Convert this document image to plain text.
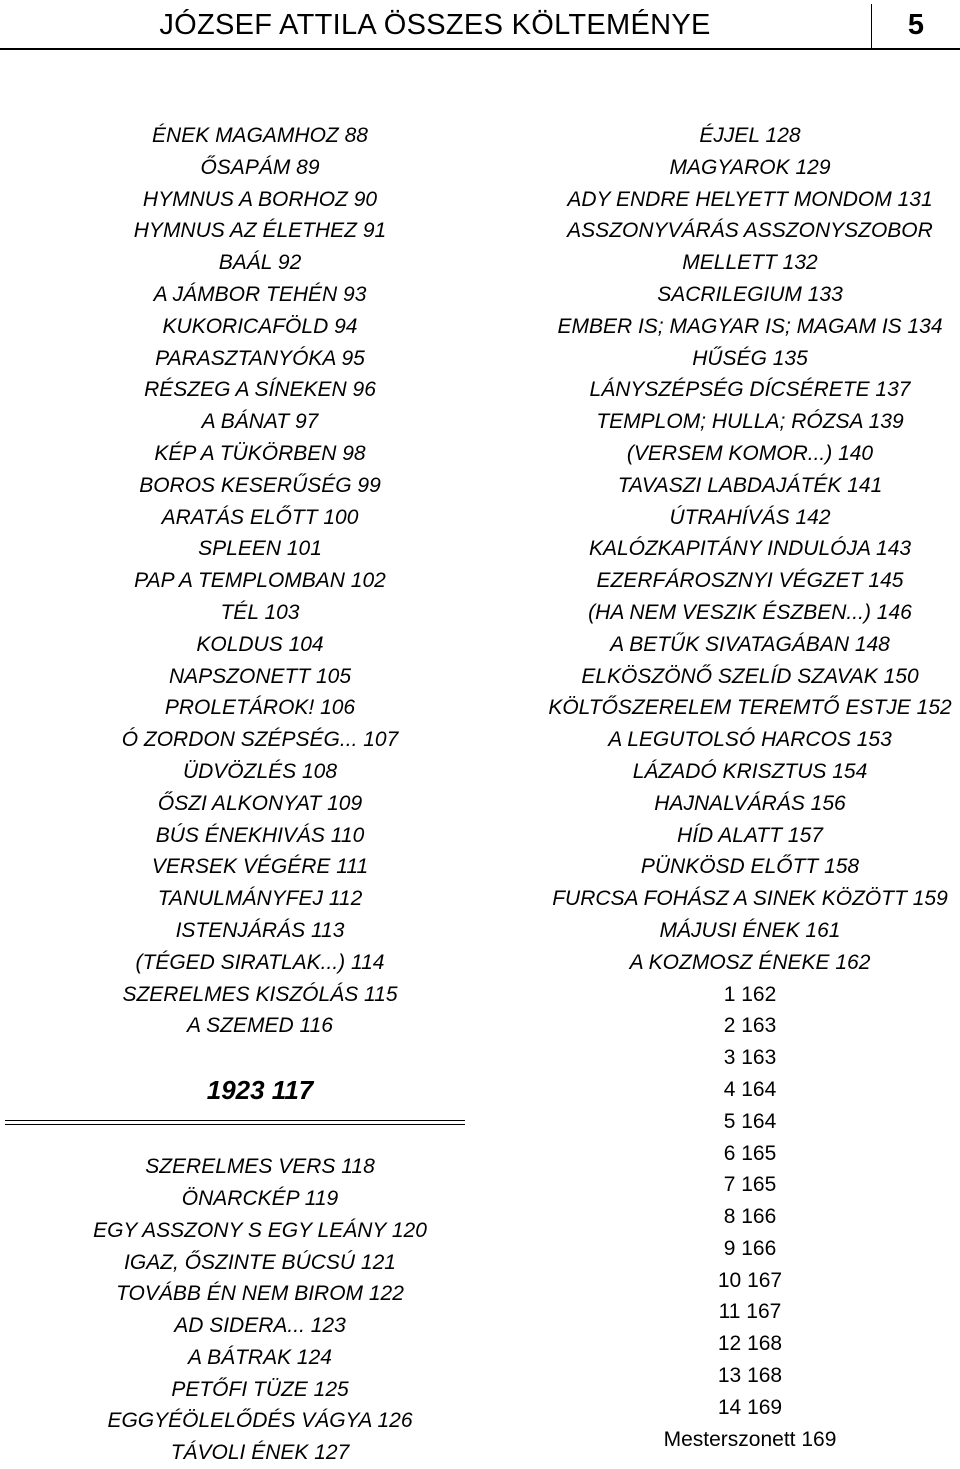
JÓZSEF ATTILA ÖSSZES KÖLTEMÉNYE	5
ÉNEK MAGAMHOZ 88
ŐSAPÁM 89
HYMNUS A BORHOZ 90
HYMNUS AZ ÉLETHEZ 91
BAÁL 92
A JÁMBOR TEHÉN 93
KUKORICAFÖLD 94
PARASZTANYÓKA 95
RÉSZEG A SÍNEKEN 96
A BÁNAT 97
KÉP A TÜKÖRBEN 98
BOROS KESERŰSÉG 99
ARATÁS ELŐTT 100
SPLEEN 101
PAP A TEMPLOMBAN 102
TÉL 103
KOLDUS 104
NAPSZONETT 105
PROLETÁROK! 106
Ó ZORDON SZÉPSÉG... 107
ÜDVÖZLÉS 108
ŐSZI ALKONYAT 109
BÚS ÉNEKHIVÁS 110
VERSEK VÉGÉRE 111
TANULMÁNYFEJ 112
ISTENJÁRÁS 113
(TÉGED SIRATLAK...) 114
SZERELMES KISZÓLÁS 115
A SZEMED 116
1923 117
SZERELMES VERS 118
ÖNARCKÉP 119
EGY ASSZONY S EGY LEÁNY 120
IGAZ, ŐSZINTE BÚCSÚ 121
TOVÁBB ÉN NEM BIROM 122
AD SIDERA... 123
A BÁTRAK 124
PETŐFI TÜZE 125
EGGYÉÖLELŐDÉS VÁGYA 126
TÁVOLI ÉNEK 127
ÉJJEL 128
MAGYAROK 129
ADY ENDRE HELYETT MONDOM 131
ASSZONYVÁRÁS ASSZONYSZOBOR
MELLETT 132
SACRILEGIUM 133
EMBER IS; MAGYAR IS; MAGAM IS 134
HŰSÉG 135
LÁNYSZÉPSÉG DÍCSÉRETE 137
TEMPLOM; HULLA; RÓZSA 139
(VERSEM KOMOR...) 140
TAVASZI LABDAJÁTÉK 141
ÚTRAHÍVÁS 142
KALÓZKAPITÁNY INDULÓJA 143
EZERFÁROSZNYI VÉGZET 145
(HA NEM VESZIK ÉSZBEN...) 146
A BETŰK SIVATAGÁBAN 148
ELKÖSZÖNŐ SZELÍD SZAVAK 150
KÖLTŐSZERELEM TEREMTŐ ESTJE 152
A LEGUTOLSÓ HARCOS 153
LÁZADÓ KRISZTUS 154
HAJNALVÁRÁS 156
HÍD ALATT 157
PÜNKÖSD ELŐTT 158
FURCSA FOHÁSZ A SINEK KÖZÖTT 159
MÁJUSI ÉNEK 161
A KOZMOSZ ÉNEKE 162
1 162
2 163
3 163
4 164
5 164
6 165
7 165
8 166
9 166
10 167
11 167
12 168
13 168
14 169
Mesterszonett 169
